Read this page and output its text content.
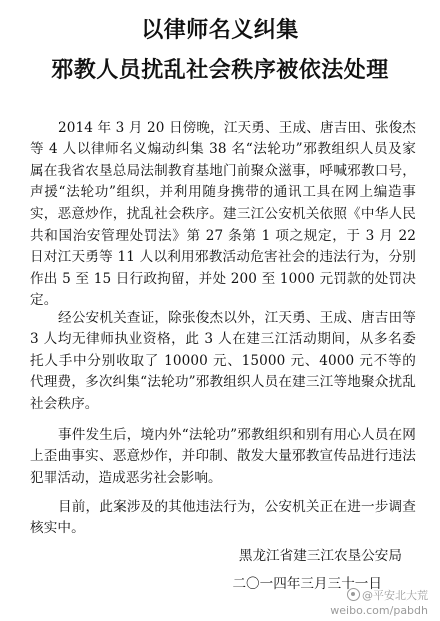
以律师名义纠集
邪教人员扰乱社会秩序被依法处理

2014 年 3 月 20 日傍晚，江天勇、王成、唐吉田、张俊杰等 4 人以律师名义煽动纠集 38 名“法轮功”邪教组织人员及家属在我省农垦总局法制教育基地门前聚众滋事，呼喊邪教口号，声援“法轮功”组织，并利用随身携带的通讯工具在网上编造事实，恶意炒作，扰乱社会秩序。建三江公安机关依照《中华人民共和国治安管理处罚法》第 27 条第 1 项之规定，于 3 月 22 日对江天勇等 11 人以利用邪教活动危害社会的违法行为，分别作出 5 至 15 日行政拘留，并处 200 至 1000 元罚款的处罚决定。

经公安机关查证，除张俊杰以外，江天勇、王成、唐吉田等 3 人均无律师执业资格，此 3 人在建三江活动期间，从多名委托人手中分别收取了 10000 元、15000 元、4000 元不等的代理费，多次纠集“法轮功”邪教组织人员在建三江等地聚众扰乱社会秩序。

事件发生后，境内外“法轮功”邪教组织和别有用心人员在网上歪曲事实、恶意炒作，并印制、散发大量邪教宣传品进行违法犯罪活动，造成恶劣社会影响。

目前，此案涉及的其他违法行为，公安机关正在进一步调查核实中。

黑龙江省建三江农垦公安局
二〇一四年三月三十一日
@平安北大荒
weibo.com/pabdh
